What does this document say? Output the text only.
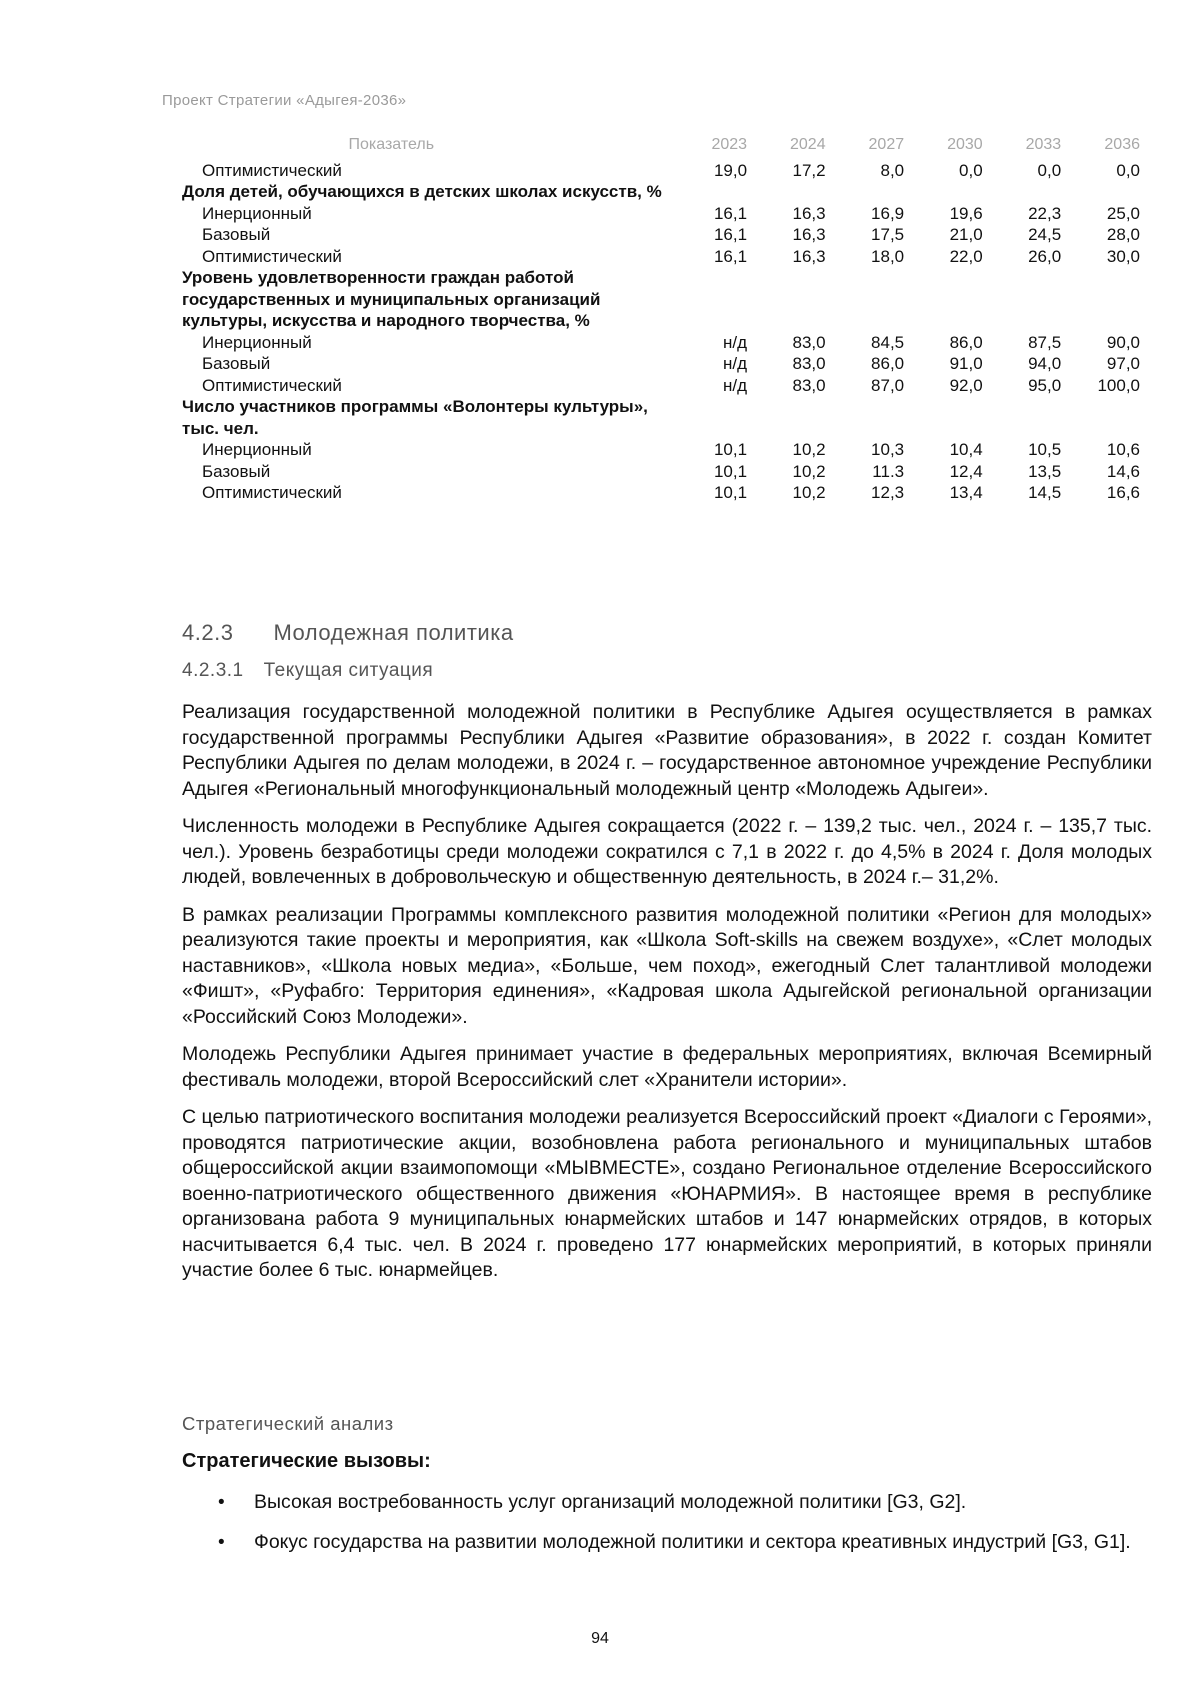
Проект Стратегии «Адыгея-2036»
Показатель	2023	2024	2027	2030	2033	2036
Оптимистический	19,0	17,2	8,0	0,0	0,0	0,0
Доля детей, обучающихся в детских школах искусств, %						
Инерционный	16,1	16,3	16,9	19,6	22,3	25,0
Базовый	16,1	16,3	17,5	21,0	24,5	28,0
Оптимистический	16,1	16,3	18,0	22,0	26,0	30,0
Уровень удовлетворенности граждан работой государственных и муниципальных организаций культуры, искусства и народного творчества, %						
Инерционный	н/д	83,0	84,5	86,0	87,5	90,0
Базовый	н/д	83,0	86,0	91,0	94,0	97,0
Оптимистический	н/д	83,0	87,0	92,0	95,0	100,0
Число участников программы «Волонтеры культуры», тыс. чел.						
Инерционный	10,1	10,2	10,3	10,4	10,5	10,6
Базовый	10,1	10,2	11.3	12,4	13,5	14,6
Оптимистический	10,1	10,2	12,3	13,4	14,5	16,6
4.2.3 Молодежная политика
4.2.3.1 Текущая ситуация

Реализация государственной молодежной политики в Республике Адыгея осуществляется в рамках государственной программы Республики Адыгея «Развитие образования», в 2022 г. создан Комитет Республики Адыгея по делам молодежи, в 2024 г. – государственное автономное учреждение Республики Адыгея «Региональный многофункциональный молодежный центр «Молодежь Адыгеи».

Численность молодежи в Республике Адыгея сокращается (2022 г. – 139,2 тыс. чел., 2024 г. – 135,7 тыс. чел.). Уровень безработицы среди молодежи сократился с 7,1 в 2022 г. до 4,5% в 2024 г. Доля молодых людей, вовлеченных в добровольческую и общественную деятельность, в 2024 г.– 31,2%.

В рамках реализации Программы комплексного развития молодежной политики «Регион для молодых» реализуются такие проекты и мероприятия, как «Школа Soft-skills на свежем воздухе», «Слет молодых наставников», «Школа новых медиа», «Больше, чем поход», ежегодный Слет талантливой молодежи «Фишт», «Руфабго: Территория единения», «Кадровая школа Адыгейской региональной организации «Российский Союз Молодежи».

Молодежь Республики Адыгея принимает участие в федеральных мероприятиях, включая Всемирный фестиваль молодежи, второй Всероссийский слет «Хранители истории».

С целью патриотического воспитания молодежи реализуется Всероссийский проект «Диалоги с Героями», проводятся патриотические акции, возобновлена работа регионального и муниципальных штабов общероссийской акции взаимопомощи «МЫВМЕСТЕ», создано Региональное отделение Всероссийского военно-патриотического общественного движения «ЮНАРМИЯ». В настоящее время в республике организована работа 9 муниципальных юнармейских штабов и 147 юнармейских отрядов, в которых насчитывается 6,4 тыс. чел. В 2024 г. проведено 177 юнармейских мероприятий, в которых приняли участие более 6 тыс. юнармейцев.

Стратегический анализ
Стратегические вызовы:
• Высокая востребованность услуг организаций молодежной политики [G3, G2].
• Фокус государства на развитии молодежной политики и сектора креативных индустрий [G3, G1].
94
